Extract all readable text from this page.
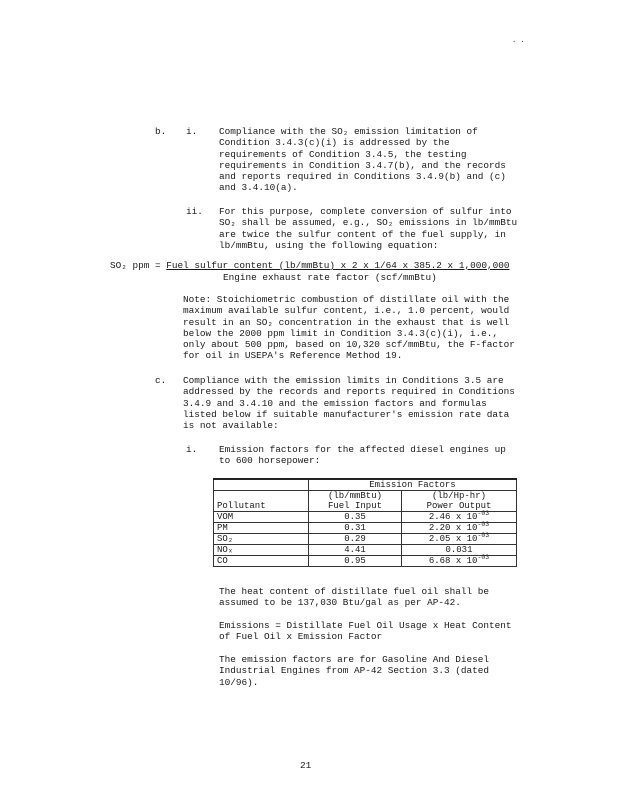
. .
b. i. Compliance with the SO₂ emission limitation of
Condition 3.4.3(c)(i) is addressed by the
requirements of Condition 3.4.5, the testing
requirements in Condition 3.4.7(b), and the records
and reports required in Conditions 3.4.9(b) and (c)
and 3.4.10(a).
ii. For this purpose, complete conversion of sulfur into
SO₂ shall be assumed, e.g., SO₂ emissions in lb/mmBtu
are twice the sulfur content of the fuel supply, in
lb/mmBtu, using the following equation:
SO₂ ppm = Fuel sulfur content (lb/mmBtu) x 2 x 1/64 x 385.2 x 1,000,000
Engine exhaust rate factor (scf/mmBtu)
Note: Stoichiometric combustion of distillate oil with the
maximum available sulfur content, i.e., 1.0 percent, would
result in an SO₂ concentration in the exhaust that is well
below the 2000 ppm limit in Condition 3.4.3(c)(i), i.e.,
only about 500 ppm, based on 10,320 scf/mmBtu, the F-factor
for oil in USEPA's Reference Method 19.
c. Compliance with the emission limits in Conditions 3.5 are
addressed by the records and reports required in Conditions
3.4.9 and 3.4.10 and the emission factors and formulas
listed below if suitable manufacturer's emission rate data
is not available:
i. Emission factors for the affected diesel engines up
to 600 horsepower:
	Emission Factors	
	(lb/mmBtu)	(lb/Hp-hr)
Pollutant	Fuel Input	Power Output
VOM	0.35	2.46 x $10^{-03}$
PM	0.31	2.20 x $10^{-03}$
SO₂	0.29	2.05 x $10^{-03}$
NOₓ	4.41	0.031
CO	0.95	6.68 x $10^{-03}$
The heat content of distillate fuel oil shall be
assumed to be 137,030 Btu/gal as per AP-42.
Emissions = Distillate Fuel Oil Usage x Heat Content
of Fuel Oil x Emission Factor
The emission factors are for Gasoline And Diesel
Industrial Engines from AP-42 Section 3.3 (dated
10/96).
21
